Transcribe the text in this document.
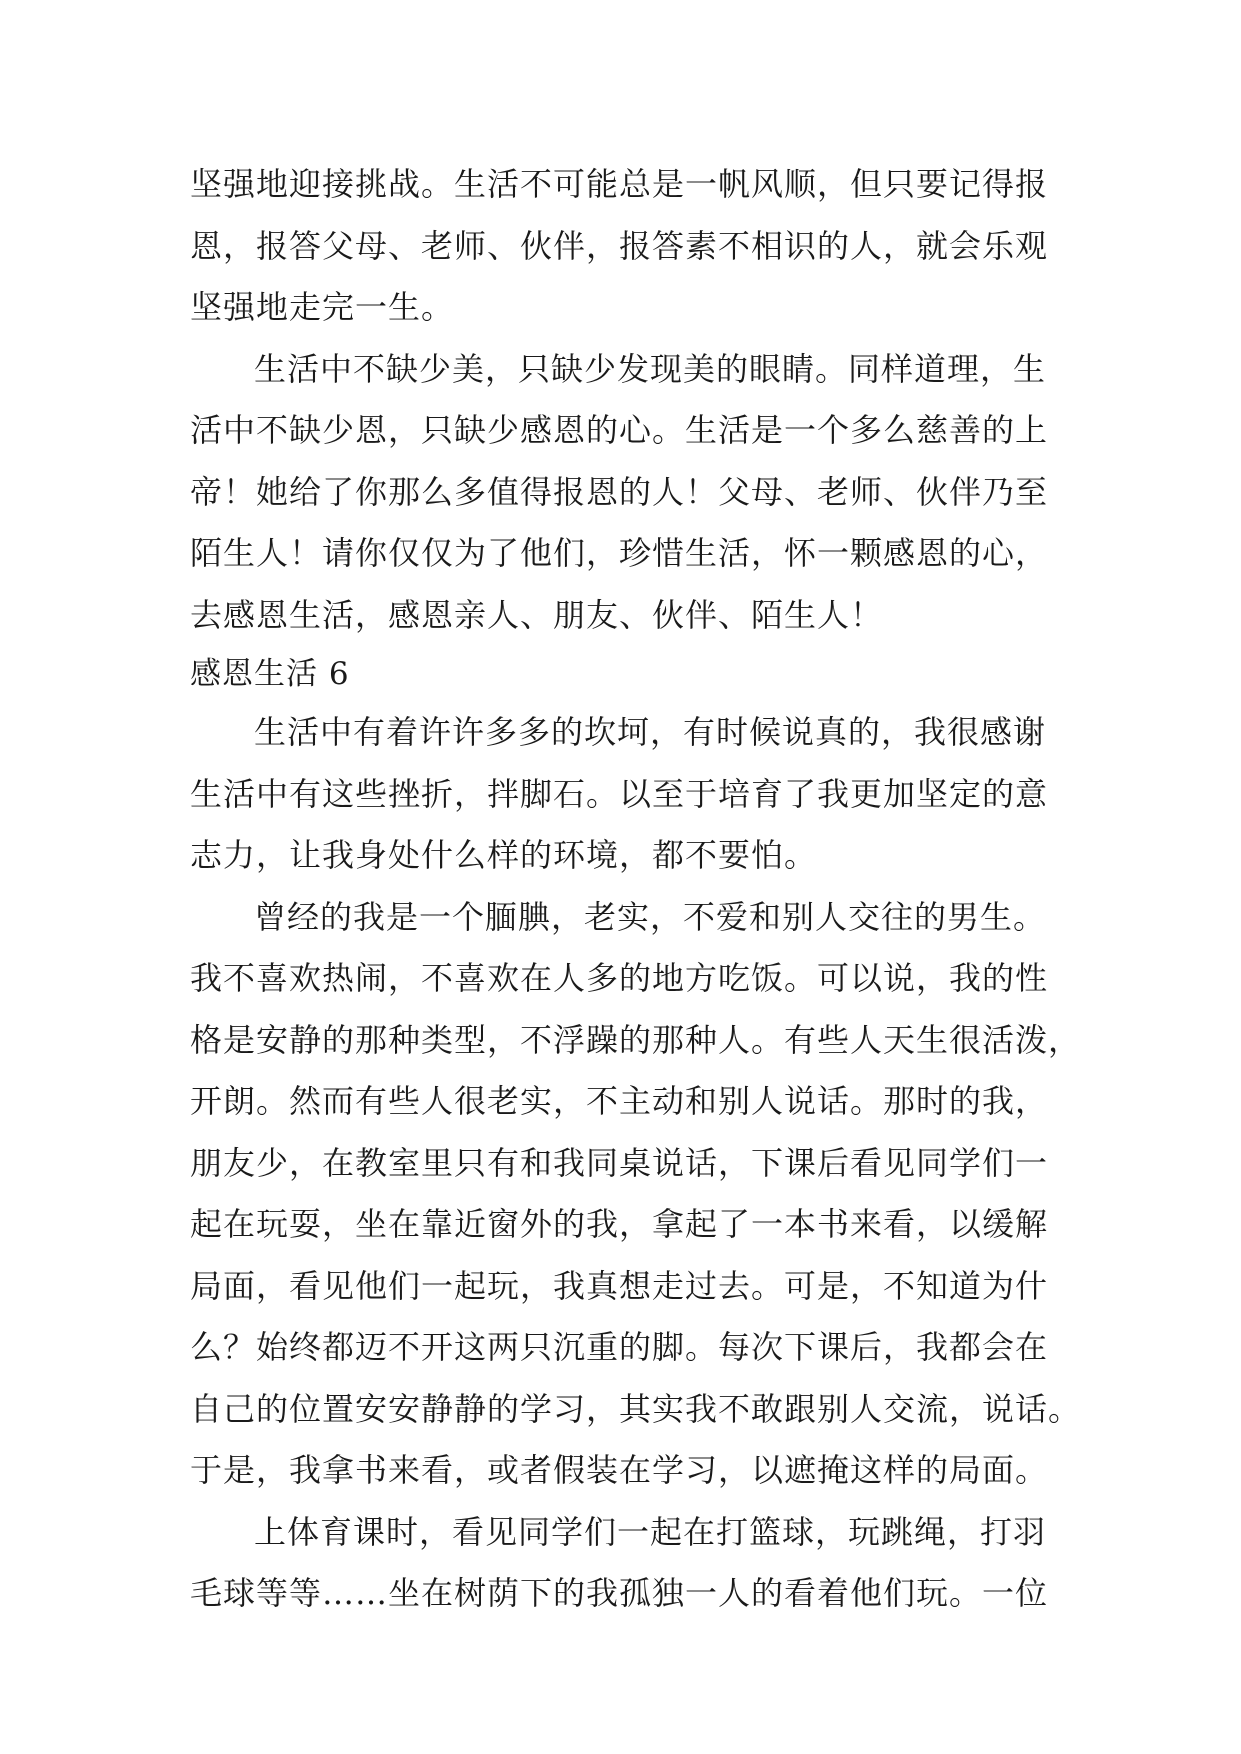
坚强地迎接挑战。生活不可能总是一帆风顺，但只要记得报
恩，报答父母、老师、伙伴，报答素不相识的人，就会乐观
坚强地走完一生。
生活中不缺少美，只缺少发现美的眼睛。同样道理，生
活中不缺少恩，只缺少感恩的心。生活是一个多么慈善的上
帝！她给了你那么多值得报恩的人！父母、老师、伙伴乃至
陌生人！请你仅仅为了他们，珍惜生活，怀一颗感恩的心，
去感恩生活，感恩亲人、朋友、伙伴、陌生人！
感恩生活 6
生活中有着许许多多的坎坷，有时候说真的，我很感谢
生活中有这些挫折，拌脚石。以至于培育了我更加坚定的意
志力，让我身处什么样的环境，都不要怕。
曾经的我是一个腼腆，老实，不爱和别人交往的男生。
我不喜欢热闹，不喜欢在人多的地方吃饭。可以说，我的性
格是安静的那种类型，不浮躁的那种人。有些人天生很活泼，
开朗。然而有些人很老实，不主动和别人说话。那时的我，
朋友少，在教室里只有和我同桌说话，下课后看见同学们一
起在玩耍，坐在靠近窗外的我，拿起了一本书来看，以缓解
局面，看见他们一起玩，我真想走过去。可是，不知道为什
么？始终都迈不开这两只沉重的脚。每次下课后，我都会在
自己的位置安安静静的学习，其实我不敢跟别人交流，说话。
于是，我拿书来看，或者假装在学习，以遮掩这样的局面。
上体育课时，看见同学们一起在打篮球，玩跳绳，打羽
毛球等等……坐在树荫下的我孤独一人的看着他们玩。一位
